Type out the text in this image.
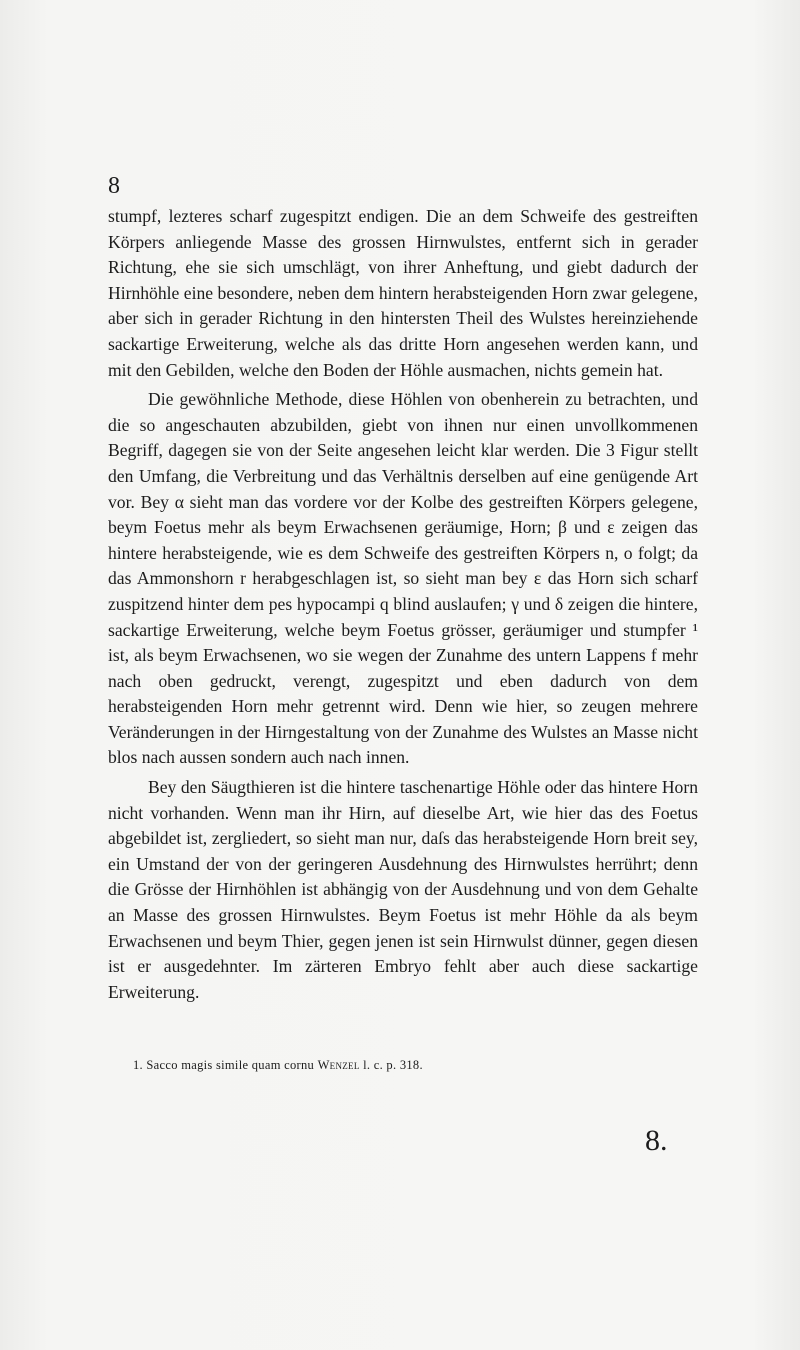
8

stumpf, lezteres scharf zugespitzt endigen. Die an dem Schweife des gestreiften Körpers anliegende Masse des grossen Hirnwulstes, entfernt sich in gerader Richtung, ehe sie sich umschlägt, von ihrer Anheftung, und giebt dadurch der Hirnhöhle eine besondere, neben dem hintern herabsteigenden Horn zwar gelegene, aber sich in gerader Richtung in den hintersten Theil des Wulstes hereinziehende sackartige Erweiterung, welche als das dritte Horn angesehen werden kann, und mit den Gebilden, welche den Boden der Höhle ausmachen, nichts gemein hat.

Die gewöhnliche Methode, diese Höhlen von obenherein zu betrachten, und die so angeschauten abzubilden, giebt von ihnen nur einen unvollkommenen Begriff, dagegen sie von der Seite angesehen leicht klar werden. Die 3 Figur stellt den Umfang, die Verbreitung und das Verhältnis derselben auf eine genügende Art vor. Bey α sieht man das vordere vor der Kolbe des gestreiften Körpers gelegene, beym Foetus mehr als beym Erwachsenen geräumige, Horn; β und ε zeigen das hintere herabsteigende, wie es dem Schweife des gestreiften Körpers n, o folgt; da das Ammonshorn r herabgeschlagen ist, so sieht man bey ε das Horn sich scharf zuspitzend hinter dem pes hypocampi q blind auslaufen; γ und δ zeigen die hintere, sackartige Erweiterung, welche beym Foetus grösser, geräumiger und stumpfer ¹ ist, als beym Erwachsenen, wo sie wegen der Zunahme des untern Lappens f mehr nach oben gedruckt, verengt, zugespitzt und eben dadurch von dem herabsteigenden Horn mehr getrennt wird. Denn wie hier, so zeugen mehrere Veränderungen in der Hirngestaltung von der Zunahme des Wulstes an Masse nicht blos nach aussen sondern auch nach innen.

Bey den Säugthieren ist die hintere taschenartige Höhle oder das hintere Horn nicht vorhanden. Wenn man ihr Hirn, auf dieselbe Art, wie hier das des Foetus abgebildet ist, zergliedert, so sieht man nur, daſs das herabsteigende Horn breit sey, ein Umstand der von der geringeren Ausdehnung des Hirnwulstes herrührt; denn die Grösse der Hirnhöhlen ist abhängig von der Ausdehnung und von dem Gehalte an Masse des grossen Hirnwulstes. Beym Foetus ist mehr Höhle da als beym Erwachsenen und beym Thier, gegen jenen ist sein Hirnwulst dünner, gegen diesen ist er ausgedehnter. Im zärteren Embryo fehlt aber auch diese sackartige Erweiterung.

1. Sacco magis simile quam cornu Wenzel l. c. p. 318.
8.
